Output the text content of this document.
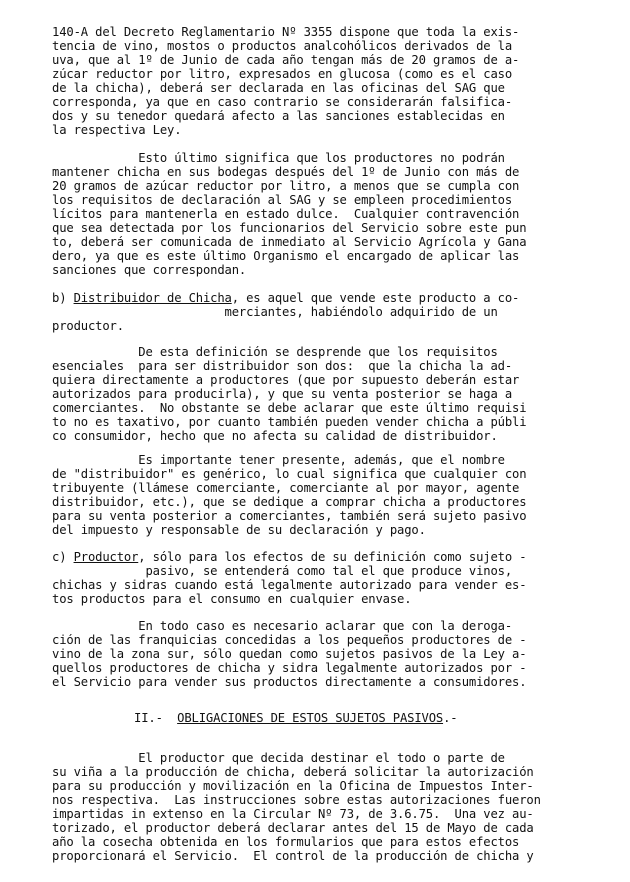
140-A del Decreto Reglamentario Nº 3355 dispone que toda la exis-
tencia de vino, mostos o productos analcohólicos derivados de la
uva, que al 1º de Junio de cada año tengan más de 20 gramos de a-
zúcar reductor por litro, expresados en glucosa (como es el caso
de la chicha), deberá ser declarada en las oficinas del SAG que
corresponda, ya que en caso contrario se considerarán falsifica-
dos y su tenedor quedará afecto a las sanciones establecidas en
la respectiva Ley.
Esto último significa que los productores no podrán
mantener chicha en sus bodegas después del 1º de Junio con más de
20 gramos de azúcar reductor por litro, a menos que se cumpla con
los requisitos de declaración al SAG y se empleen procedimientos
lícitos para mantenerla en estado dulce.  Cualquier contravención
que sea detectada por los funcionarios del Servicio sobre este pun
to, deberá ser comunicada de inmediato al Servicio Agrícola y Gana
dero, ya que es este último Organismo el encargado de aplicar las
sanciones que correspondan.
b) Distribuidor de Chicha, es aquel que vende este producto a co-
merciantes, habiéndolo adquirido de un
productor.
De esta definición se desprende que los requisitos
esenciales  para ser distribuidor son dos:  que la chicha la ad-
quiera directamente a productores (que por supuesto deberán estar
autorizados para producirla), y que su venta posterior se haga a
comerciantes.  No obstante se debe aclarar que este último requisi
to no es taxativo, por cuanto también pueden vender chicha a públi
co consumidor, hecho que no afecta su calidad de distribuidor.
Es importante tener presente, además, que el nombre
de "distribuidor" es genérico, lo cual significa que cualquier con
tribuyente (llámese comerciante, comerciante al por mayor, agente
distribuidor, etc.), que se dedique a comprar chicha a productores
para su venta posterior a comerciantes, también será sujeto pasivo
del impuesto y responsable de su declaración y pago.
c) Productor, sólo para los efectos de su definición como sujeto -
pasivo, se entenderá como tal el que produce vinos,
chichas y sidras cuando está legalmente autorizado para vender es-
tos productos para el consumo en cualquier envase.
En todo caso es necesario aclarar que con la deroga-
ción de las franquicias concedidas a los pequeños productores de -
vino de la zona sur, sólo quedan como sujetos pasivos de la Ley a-
quellos productores de chicha y sidra legalmente autorizados por -
el Servicio para vender sus productos directamente a consumidores.
II.-  OBLIGACIONES DE ESTOS SUJETOS PASIVOS.-
El productor que decida destinar el todo o parte de
su viña a la producción de chicha, deberá solicitar la autorización
para su producción y movilización en la Oficina de Impuestos Inter-
nos respectiva.  Las instrucciones sobre estas autorizaciones fueron
impartidas in extenso en la Circular Nº 73, de 3.6.75.  Una vez au-
torizado, el productor deberá declarar antes del 15 de Mayo de cada
año la cosecha obtenida en los formularios que para estos efectos
proporcionará el Servicio.  El control de la producción de chicha y
